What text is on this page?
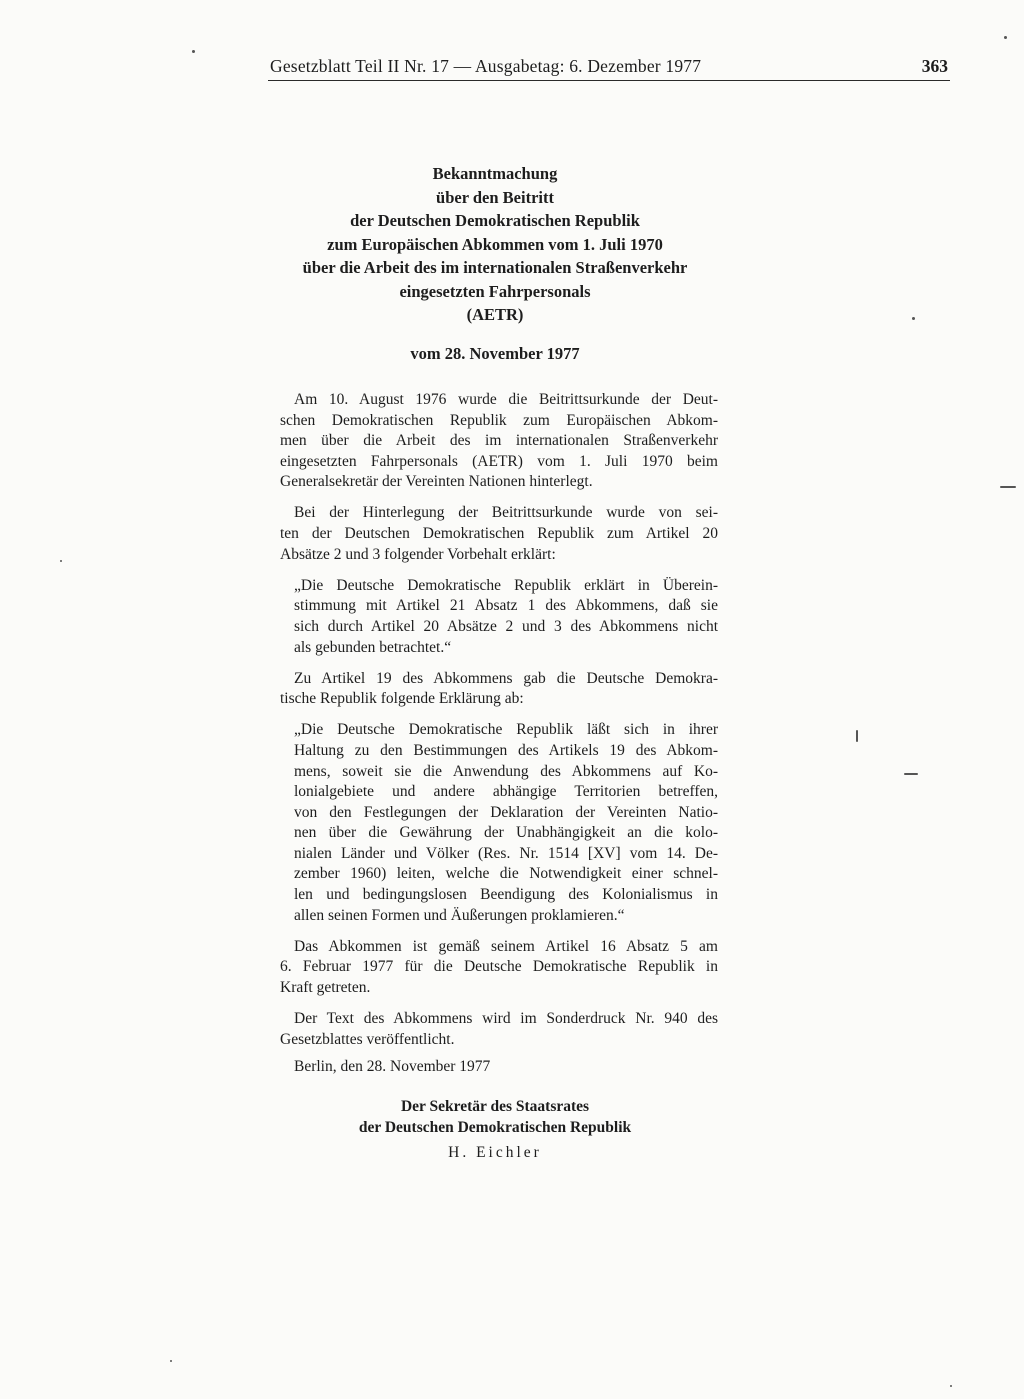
Gesetzblatt Teil II Nr. 17 — Ausgabetag: 6. Dezember 1977	363
Bekanntmachung
über den Beitritt
der Deutschen Demokratischen Republik
zum Europäischen Abkommen vom 1. Juli 1970
über die Arbeit des im internationalen Straßenverkehr
eingesetzten Fahrpersonals
(AETR)
vom 28. November 1977

Am 10. August 1976 wurde die Beitrittsurkunde der Deut-
schen Demokratischen Republik zum Europäischen Abkom-
men über die Arbeit des im internationalen Straßenverkehr
eingesetzten Fahrpersonals (AETR) vom 1. Juli 1970 beim
Generalsekretär der Vereinten Nationen hinterlegt.

Bei der Hinterlegung der Beitrittsurkunde wurde von sei-
ten der Deutschen Demokratischen Republik zum Artikel 20
Absätze 2 und 3 folgender Vorbehalt erklärt:

„Die Deutsche Demokratische Republik erklärt in Überein-
stimmung mit Artikel 21 Absatz 1 des Abkommens, daß sie
sich durch Artikel 20 Absätze 2 und 3 des Abkommens nicht
als gebunden betrachtet.“

Zu Artikel 19 des Abkommens gab die Deutsche Demokra-
tische Republik folgende Erklärung ab:

„Die Deutsche Demokratische Republik läßt sich in ihrer
Haltung zu den Bestimmungen des Artikels 19 des Abkom-
mens, soweit sie die Anwendung des Abkommens auf Ko-
lonialgebiete und andere abhängige Territorien betreffen,
von den Festlegungen der Deklaration der Vereinten Natio-
nen über die Gewährung der Unabhängigkeit an die kolo-
nialen Länder und Völker (Res. Nr. 1514 [XV] vom 14. De-
zember 1960) leiten, welche die Notwendigkeit einer schnel-
len und bedingungslosen Beendigung des Kolonialismus in
allen seinen Formen und Äußerungen proklamieren.“

Das Abkommen ist gemäß seinem Artikel 16 Absatz 5 am
6. Februar 1977 für die Deutsche Demokratische Republik in
Kraft getreten.

Der Text des Abkommens wird im Sonderdruck Nr. 940 des
Gesetzblattes veröffentlicht.

Berlin, den 28. November 1977
Der Sekretär des Staatsrates
der Deutschen Demokratischen Republik
H. Eichler
